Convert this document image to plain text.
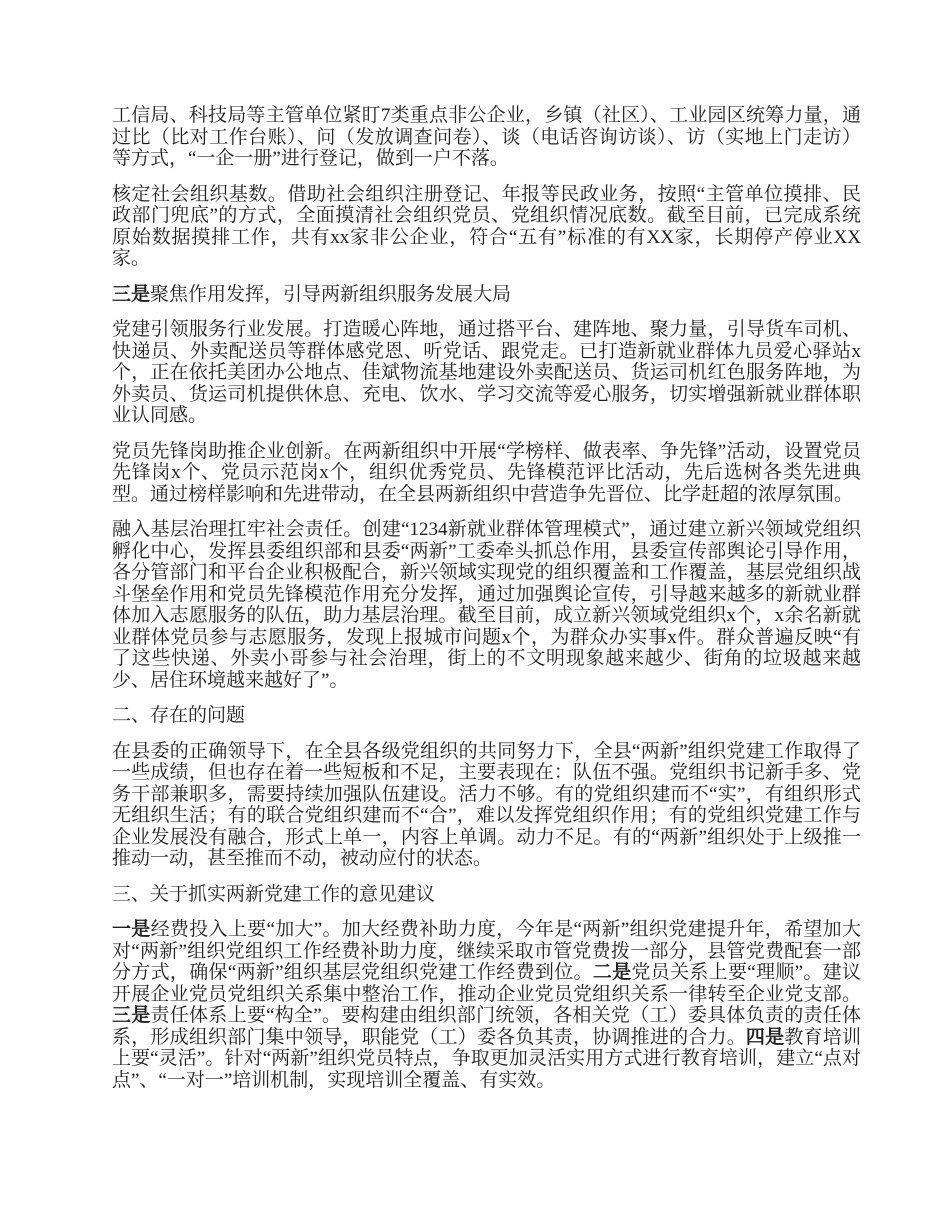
工信局、科技局等主管单位紧盯7类重点非公企业，乡镇（社区）、工业园区统筹力量，通过比（比对工作台账）、问（发放调查问卷）、谈（电话咨询访谈）、访（实地上门走访）等方式，“一企一册”进行登记，做到一户不落。

核定社会组织基数。借助社会组织注册登记、年报等民政业务，按照“主管单位摸排、民政部门兜底”的方式，全面摸清社会组织党员、党组织情况底数。截至目前，已完成系统原始数据摸排工作，共有xx家非公企业，符合“五有”标准的有XX家，长期停产停业XX家。

三是聚焦作用发挥，引导两新组织服务发展大局

党建引领服务行业发展。打造暖心阵地，通过搭平台、建阵地、聚力量，引导货车司机、快递员、外卖配送员等群体感党恩、听党话、跟党走。已打造新就业群体九员爱心驿站x个，正在依托美团办公地点、佳斌物流基地建设外卖配送员、货运司机红色服务阵地，为外卖员、货运司机提供休息、充电、饮水、学习交流等爱心服务，切实增强新就业群体职业认同感。

党员先锋岗助推企业创新。在两新组织中开展“学榜样、做表率、争先锋”活动，设置党员先锋岗x个、党员示范岗x个，组织优秀党员、先锋模范评比活动，先后选树各类先进典型。通过榜样影响和先进带动，在全县两新组织中营造争先晋位、比学赶超的浓厚氛围。

融入基层治理扛牢社会责任。创建“1234新就业群体管理模式”，通过建立新兴领域党组织孵化中心，发挥县委组织部和县委“两新”工委牵头抓总作用，县委宣传部舆论引导作用，各分管部门和平台企业积极配合，新兴领域实现党的组织覆盖和工作覆盖，基层党组织战斗堡垒作用和党员先锋模范作用充分发挥，通过加强舆论宣传，引导越来越多的新就业群体加入志愿服务的队伍，助力基层治理。截至目前，成立新兴领域党组织x个，x余名新就业群体党员参与志愿服务，发现上报城市问题x个，为群众办实事x件。群众普遍反映“有了这些快递、外卖小哥参与社会治理，街上的不文明现象越来越少、街角的垃圾越来越少、居住环境越来越好了”。

二、存在的问题

在县委的正确领导下，在全县各级党组织的共同努力下，全县“两新”组织党建工作取得了一些成绩，但也存在着一些短板和不足，主要表现在：队伍不强。党组织书记新手多、党务干部兼职多，需要持续加强队伍建设。活力不够。有的党组织建而不“实”，有组织形式无组织生活；有的联合党组织建而不“合”，难以发挥党组织作用；有的党组织党建工作与企业发展没有融合，形式上单一，内容上单调。动力不足。有的“两新”组织处于上级推一推动一动，甚至推而不动，被动应付的状态。

三、关于抓实两新党建工作的意见建议

一是经费投入上要“加大”。加大经费补助力度，今年是“两新”组织党建提升年，希望加大对“两新”组织党组织工作经费补助力度，继续采取市管党费拨一部分，县管党费配套一部分方式，确保“两新”组织基层党组织党建工作经费到位。二是党员关系上要“理顺”。建议开展企业党员党组织关系集中整治工作，推动企业党员党组织关系一律转至企业党支部。三是责任体系上要“构全”。要构建由组织部门统领，各相关党（工）委具体负责的责任体系，形成组织部门集中领导，职能党（工）委各负其责，协调推进的合力。四是教育培训上要“灵活”。针对“两新”组织党员特点，争取更加灵活实用方式进行教育培训，建立“点对点”、“一对一”培训机制，实现培训全覆盖、有实效。
